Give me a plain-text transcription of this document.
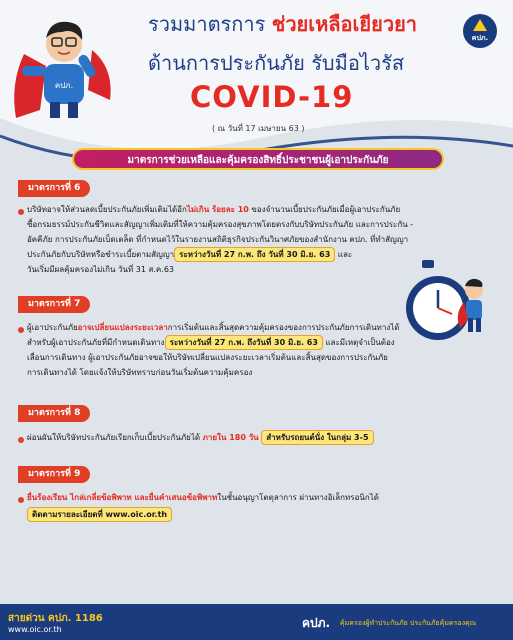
คปภ.
รวมมาตรการ ช่วยเหลือเยียวยา
ด้านการประกันภัย รับมือไวรัส
COVID-19
( ณ วันที่ 17 เมษายน 63 )
คปภ.
มาตรการช่วยเหลือและคุ้มครองสิทธิ์ประชาชนผู้เอาประกันภัย
มาตรการที่ 6
บริษัทอาจให้ส่วนลดเบี้ยประกันภัยเพิ่มเติมได้อีกไม่เกิน ร้อยละ 10 ของจำนวนเบี้ยประกันภัยเมื่อผู้เอาประกันภัย
ซื้อกรมธรรม์ประกันชีวิตและสัญญาเพิ่มเติมที่ให้ความคุ้มครองสุขภาพโดยตรงกับบริษัทประกันภัย และการประกัน -
อัคคีภัย การประกันภัยเบ็ดเตล็ด ที่กำหนดไว้ในรายงานสถิติธุรกิจประกันวินาศภัยของสำนักงาน คปภ. ที่ทำสัญญา
ประกันภัยกับบริษัทหรือชำระเบี้ยตามสัญญา ระหว่างวันที่ 27 ก.พ. ถึง วันที่ 30 มิ.ย. 63 และ
วันเริ่มมีผลคุ้มครองไม่เกิน วันที่ 31 ส.ค.63
มาตรการที่ 7
ผู้เอาประกันภัยอาจเปลี่ยนแปลงระยะเวลาการเริ่มต้นและสิ้นสุดความคุ้มครองของการประกันภัยการเดินทางได้
สำหรับผู้เอาประกันภัยที่มีกำหนดเดินทาง ระหว่างวันที่ 27 ก.พ. ถึงวันที่ 30 มิ.ย. 63 และมีเหตุจำเป็นต้อง
เลื่อนการเดินทาง ผู้เอาประกันภัยอาจขอให้บริษัทเปลี่ยนแปลงระยะเวลาเริ่มต้นและสิ้นสุดของการประกันภัย
การเดินทางได้ โดยแจ้งให้บริษัททราบก่อนวันเริ่มต้นความคุ้มครอง
มาตรการที่ 8
ผ่อนผันให้บริษัทประกันภัยเรียกเก็บเบี้ยประกันภัยได้ ภายใน 180 วัน สำหรับรถยนต์นั่ง ในกลุ่ม 3-5
มาตรการที่ 9
ยื่นร้องเรียน ไกล่เกลี่ยข้อพิพาท และยื่นคำเสนอข้อพิพาทในชั้นอนุญาโตตุลาการ ผ่านทางอิเล็กทรอนิกได้
ติดตามรายละเอียดที่ www.oic.or.th
สายด่วน คปภ. 1186
www.oic.or.th	คปภ. คุ้มครองผู้ทำประกันภัย ประกันภัยคุ้มครองคุณ
